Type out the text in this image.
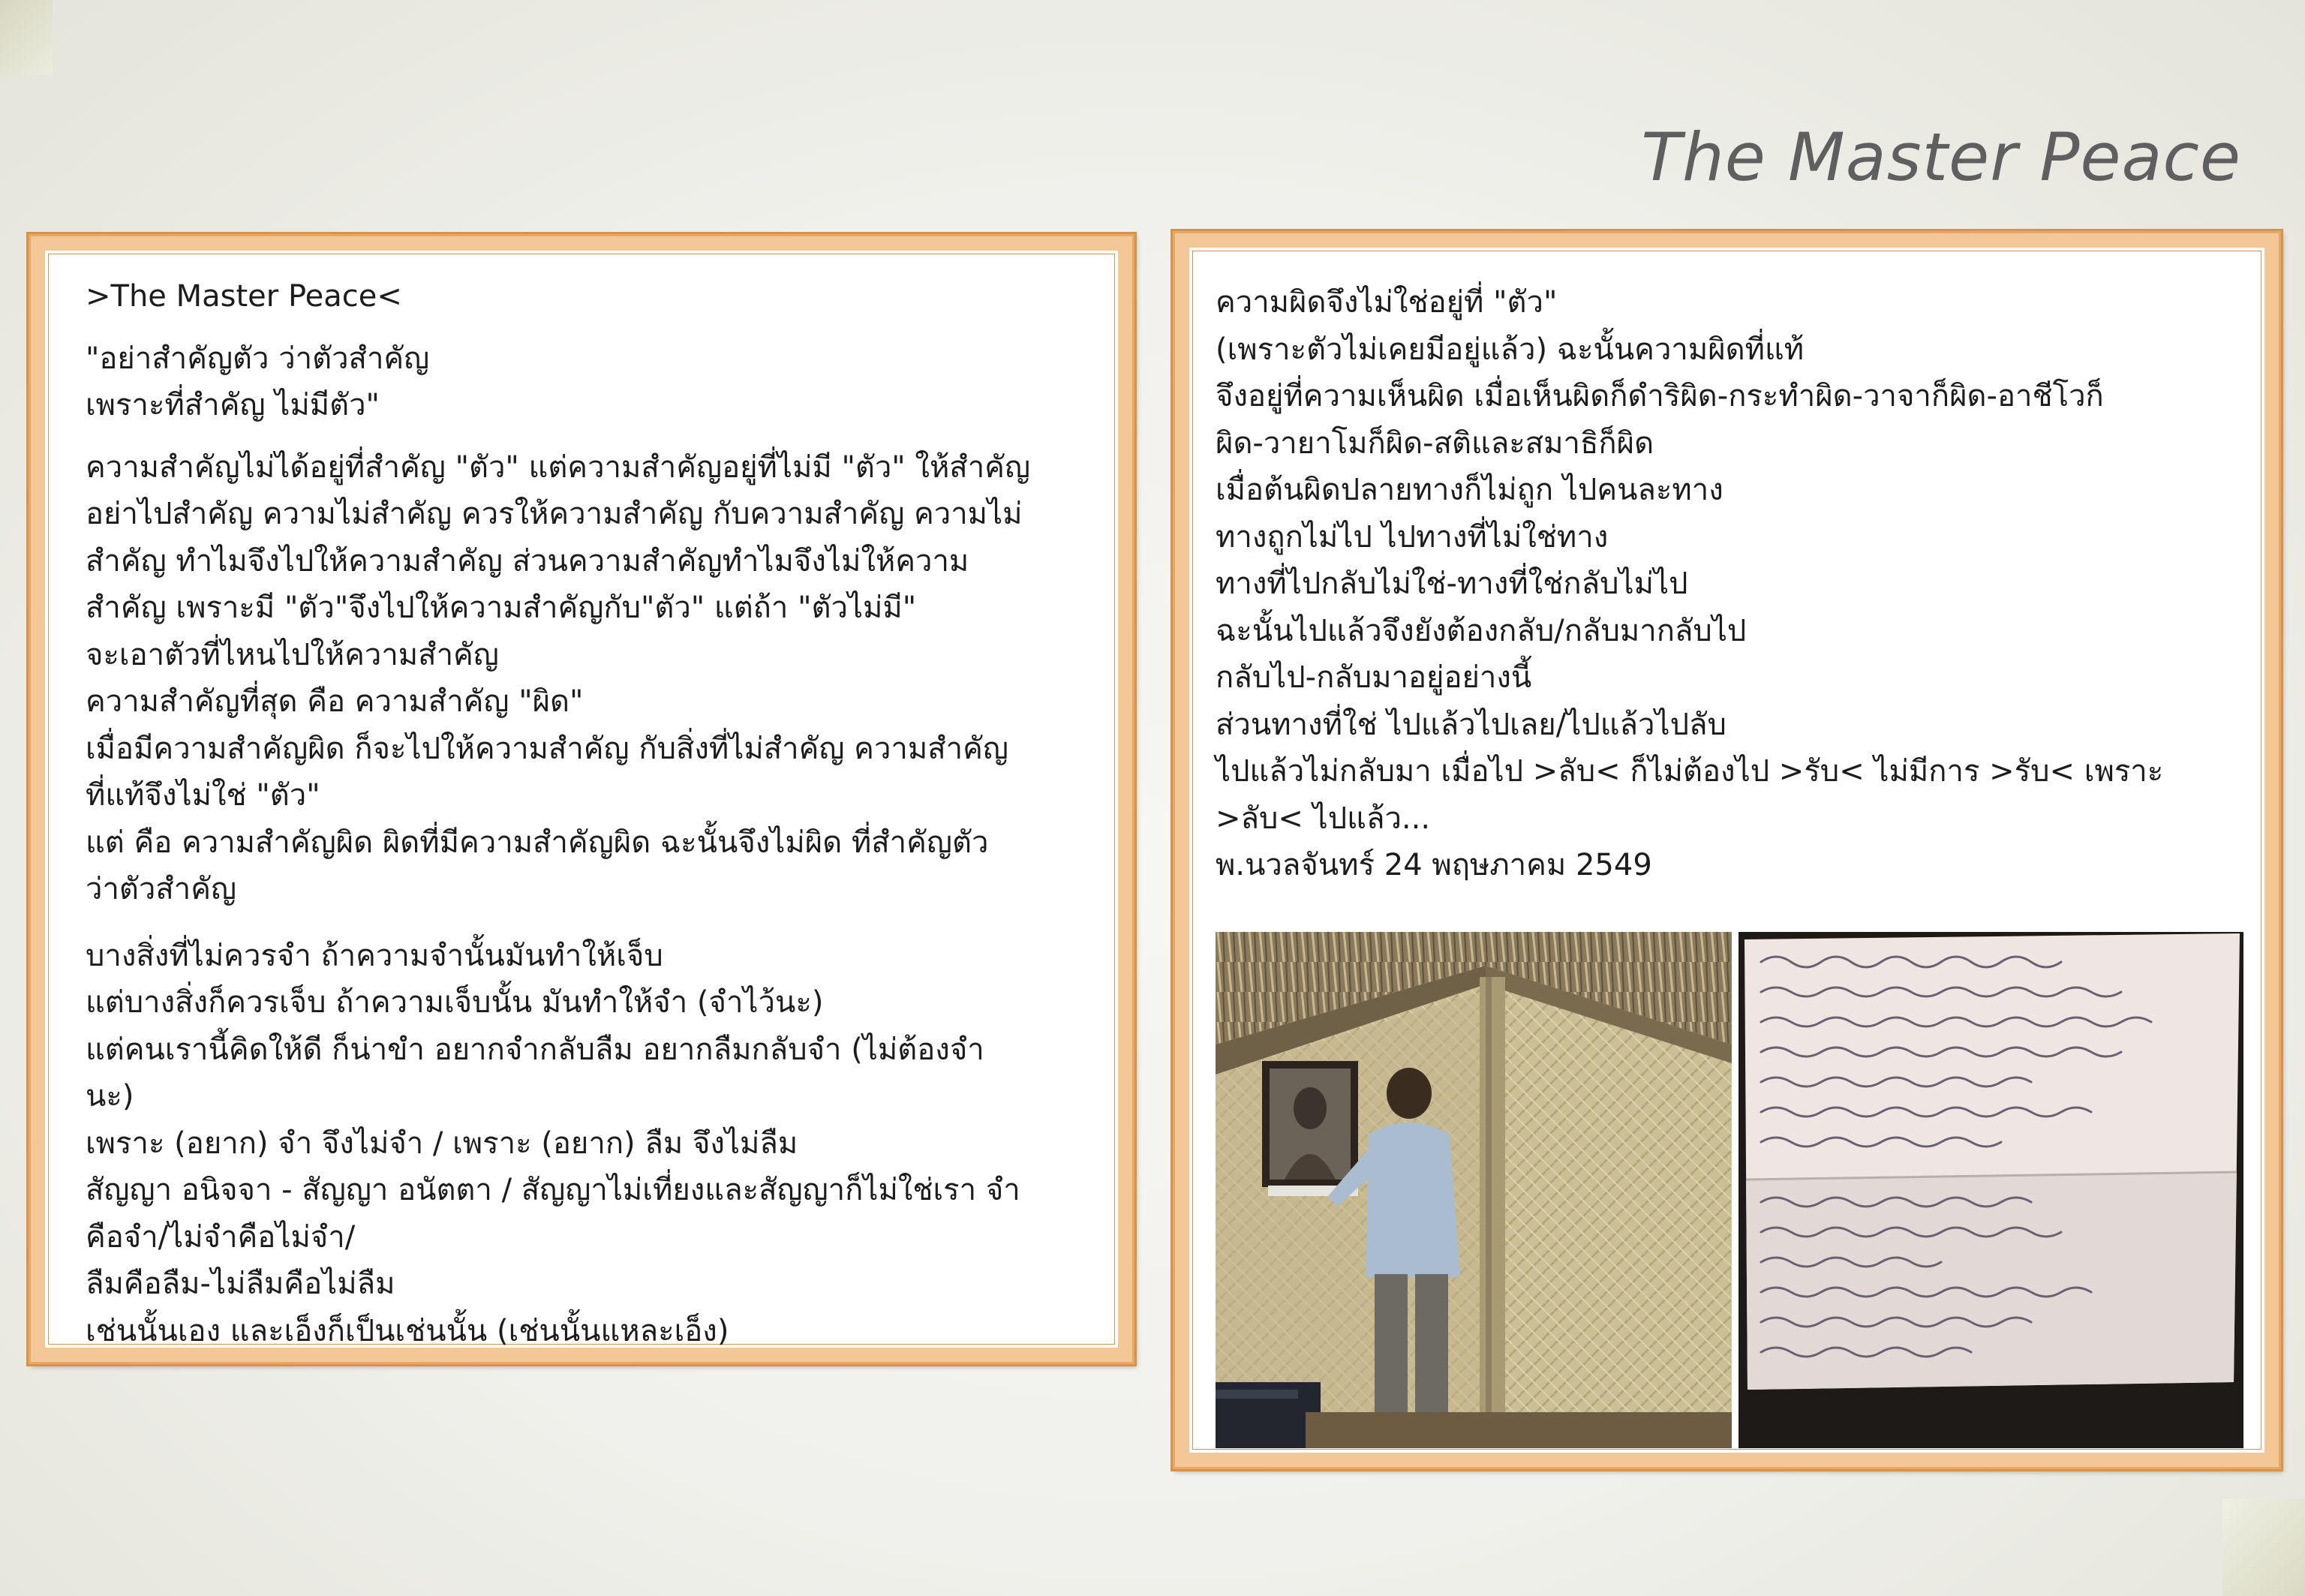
The Master Peace

>The Master Peace<

"อย่าสำคัญตัว ว่าตัวสำคัญ

เพราะที่สำคัญ ไม่มีตัว"

ความสำคัญไม่ได้อยู่ที่สำคัญ "ตัว" แต่ความสำคัญอยู่ที่ไม่มี "ตัว" ให้สำคัญ

อย่าไปสำคัญ ความไม่สำคัญ ควรให้ความสำคัญ กับความสำคัญ ความไม่

สำคัญ ทำไมจึงไปให้ความสำคัญ ส่วนความสำคัญทำไมจึงไม่ให้ความ

สำคัญ เพราะมี "ตัว"จึงไปให้ความสำคัญกับ"ตัว" แต่ถ้า "ตัวไม่มี"

จะเอาตัวที่ไหนไปให้ความสำคัญ

ความสำคัญที่สุด คือ ความสำคัญ "ผิด"

เมื่อมีความสำคัญผิด ก็จะไปให้ความสำคัญ กับสิ่งที่ไม่สำคัญ ความสำคัญ

ที่แท้จึงไม่ใช่ "ตัว"

แต่ คือ ความสำคัญผิด ผิดที่มีความสำคัญผิด ฉะนั้นจึงไม่ผิด ที่สำคัญตัว

ว่าตัวสำคัญ

บางสิ่งที่ไม่ควรจำ ถ้าความจำนั้นมันทำให้เจ็บ

แต่บางสิ่งก็ควรเจ็บ ถ้าความเจ็บนั้น มันทำให้จำ (จำไว้นะ)

แต่คนเรานี้คิดให้ดี ก็น่าขำ อยากจำกลับลืม อยากลืมกลับจำ (ไม่ต้องจำ

นะ)

เพราะ (อยาก) จำ จึงไม่จำ / เพราะ (อยาก) ลืม จึงไม่ลืม

สัญญา อนิจจา - สัญญา อนัตตา / สัญญาไม่เที่ยงและสัญญาก็ไม่ใช่เรา จำ

คือจำ/ไม่จำคือไม่จำ/

ลืมคือลืม-ไม่ลืมคือไม่ลืม

เช่นนั้นเอง และเอ็งก็เป็นเช่นนั้น (เช่นนั้นแหละเอ็ง)

ความผิดจึงไม่ใช่อยู่ที่ "ตัว"

(เพราะตัวไม่เคยมีอยู่แล้ว) ฉะนั้นความผิดที่แท้

จึงอยู่ที่ความเห็นผิด เมื่อเห็นผิดก็ดำริผิด-กระทำผิด-วาจาก็ผิด-อาชีโวก็

ผิด-วายาโมก็ผิด-สติและสมาธิก็ผิด

เมื่อต้นผิดปลายทางก็ไม่ถูก ไปคนละทาง

ทางถูกไม่ไป ไปทางที่ไม่ใช่ทาง

ทางที่ไปกลับไม่ใช่-ทางที่ใช่กลับไม่ไป

ฉะนั้นไปแล้วจึงยังต้องกลับ/กลับมากลับไป

กลับไป-กลับมาอยู่อย่างนี้

ส่วนทางที่ใช่ ไปแล้วไปเลย/ไปแล้วไปลับ

ไปแล้วไม่กลับมา เมื่อไป >ลับ< ก็ไม่ต้องไป >รับ< ไม่มีการ >รับ< เพราะ

>ลับ< ไปแล้ว...

พ.นวลจันทร์ 24 พฤษภาคม 2549
